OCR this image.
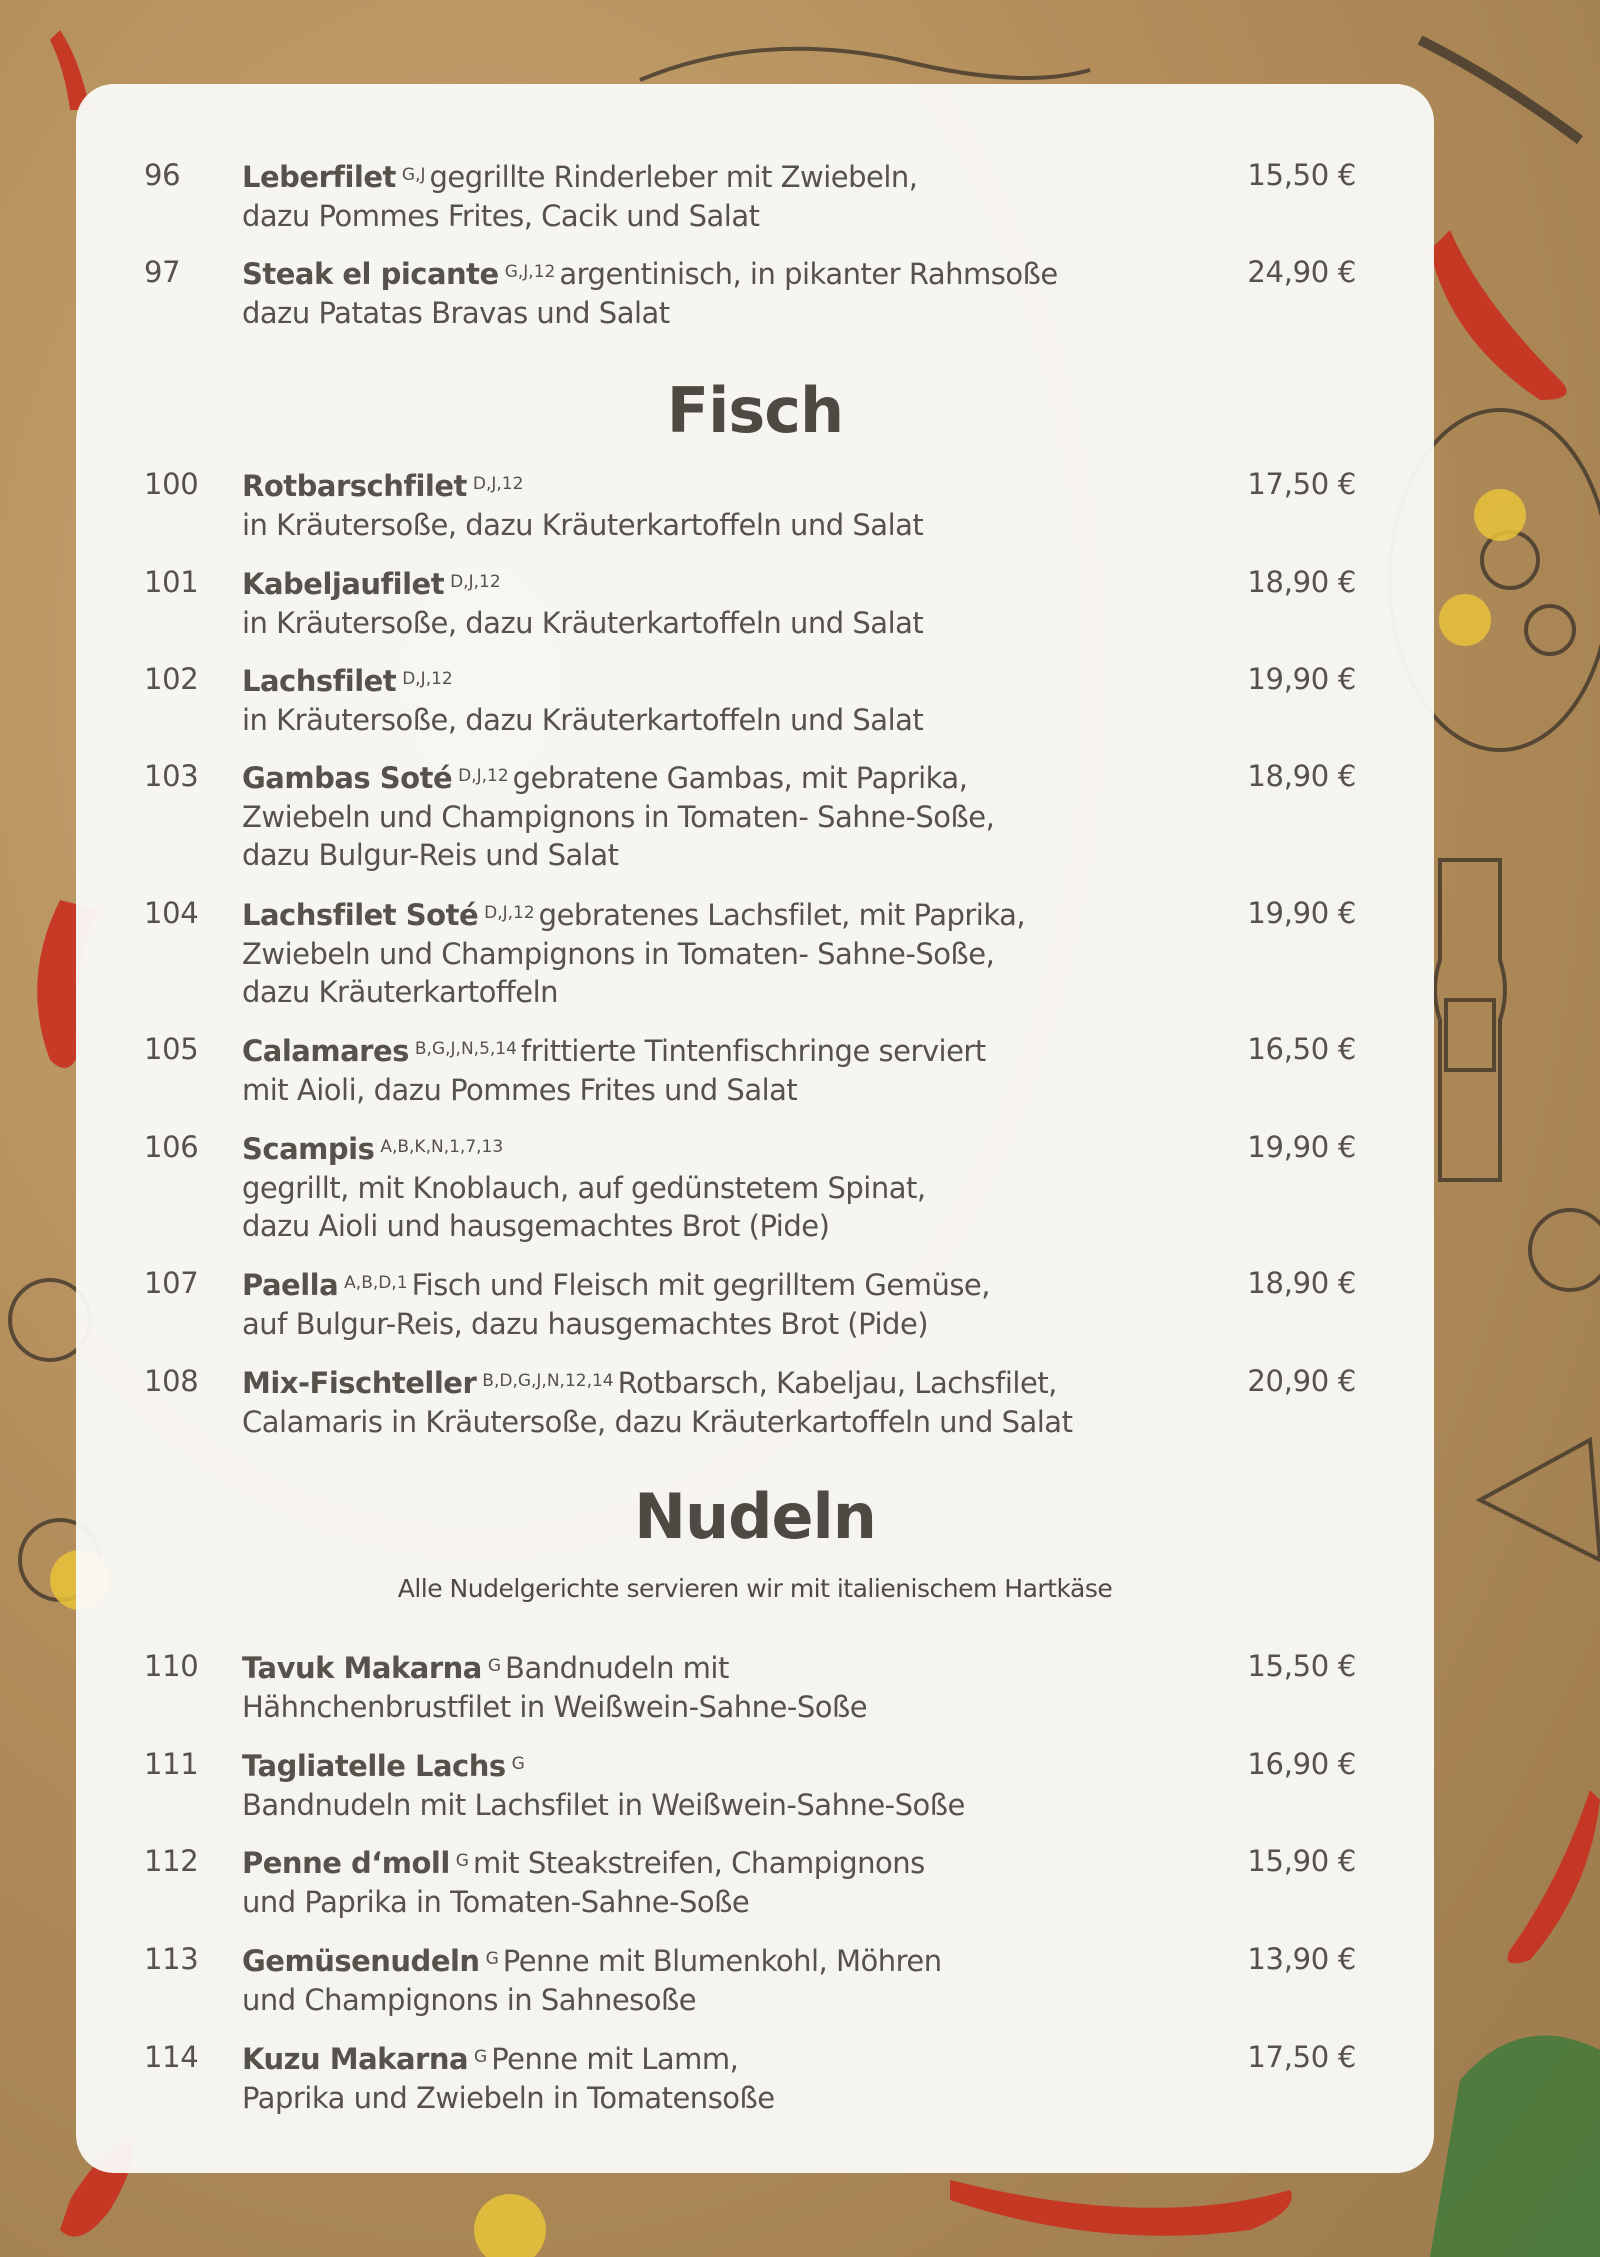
96 Leberfilet $^{G,J}$ gegrillte Rinderleber mit Zwiebeln,
dazu Pommes Frites, Cacik und Salat
15,50 €
97 Steak el picante $^{G,J,12}$ argentinisch, in pikanter Rahmsoße
dazu Patatas Bravas und Salat
24,90 €
Fisch
100 Rotbarschfilet $^{D,J,12}$
in Kräutersoße, dazu Kräuterkartoffeln und Salat
17,50 €
101 Kabeljaufilet $^{D,J,12}$
in Kräutersoße, dazu Kräuterkartoffeln und Salat
18,90 €
102 Lachsfilet $^{D,J,12}$
in Kräutersoße, dazu Kräuterkartoffeln und Salat
19,90 €
103 Gambas Soté $^{D,J,12}$ gebratene Gambas, mit Paprika,
Zwiebeln und Champignons in Tomaten- Sahne-Soße,
dazu Bulgur-Reis und Salat
18,90 €
104 Lachsfilet Soté $^{D,J,12}$ gebratenes Lachsfilet, mit Paprika,
Zwiebeln und Champignons in Tomaten- Sahne-Soße,
dazu Kräuterkartoffeln
19,90 €
105 Calamares $^{B,G,J,N,5,14}$ frittierte Tintenfischringe serviert
mit Aioli, dazu Pommes Frites und Salat
16,50 €
106 Scampis $^{A,B,K,N,1,7,13}$
gegrillt, mit Knoblauch, auf gedünstetem Spinat,
dazu Aioli und hausgemachtes Brot (Pide)
19,90 €
107 Paella $^{A,B,D,1}$ Fisch und Fleisch mit gegrilltem Gemüse,
auf Bulgur-Reis, dazu hausgemachtes Brot (Pide)
18,90 €
108 Mix-Fischteller $^{B,D,G,J,N,12,14}$ Rotbarsch, Kabeljau, Lachsfilet,
Calamaris in Kräutersoße, dazu Kräuterkartoffeln und Salat
20,90 €
Nudeln
Alle Nudelgerichte servieren wir mit italienischem Hartkäse
110 Tavuk Makarna $^G$ Bandnudeln mit
Hähnchenbrustfilet in Weißwein-Sahne-Soße
15,50 €
111 Tagliatelle Lachs $^G$
Bandnudeln mit Lachsfilet in Weißwein-Sahne-Soße
16,90 €
112 Penne d‘moll $^G$ mit Steakstreifen, Champignons
und Paprika in Tomaten-Sahne-Soße
15,90 €
113 Gemüsenudeln $^G$ Penne mit Blumenkohl, Möhren
und Champignons in Sahnesoße
13,90 €
114 Kuzu Makarna $^G$ Penne mit Lamm,
Paprika und Zwiebeln in Tomatensoße
17,50 €
